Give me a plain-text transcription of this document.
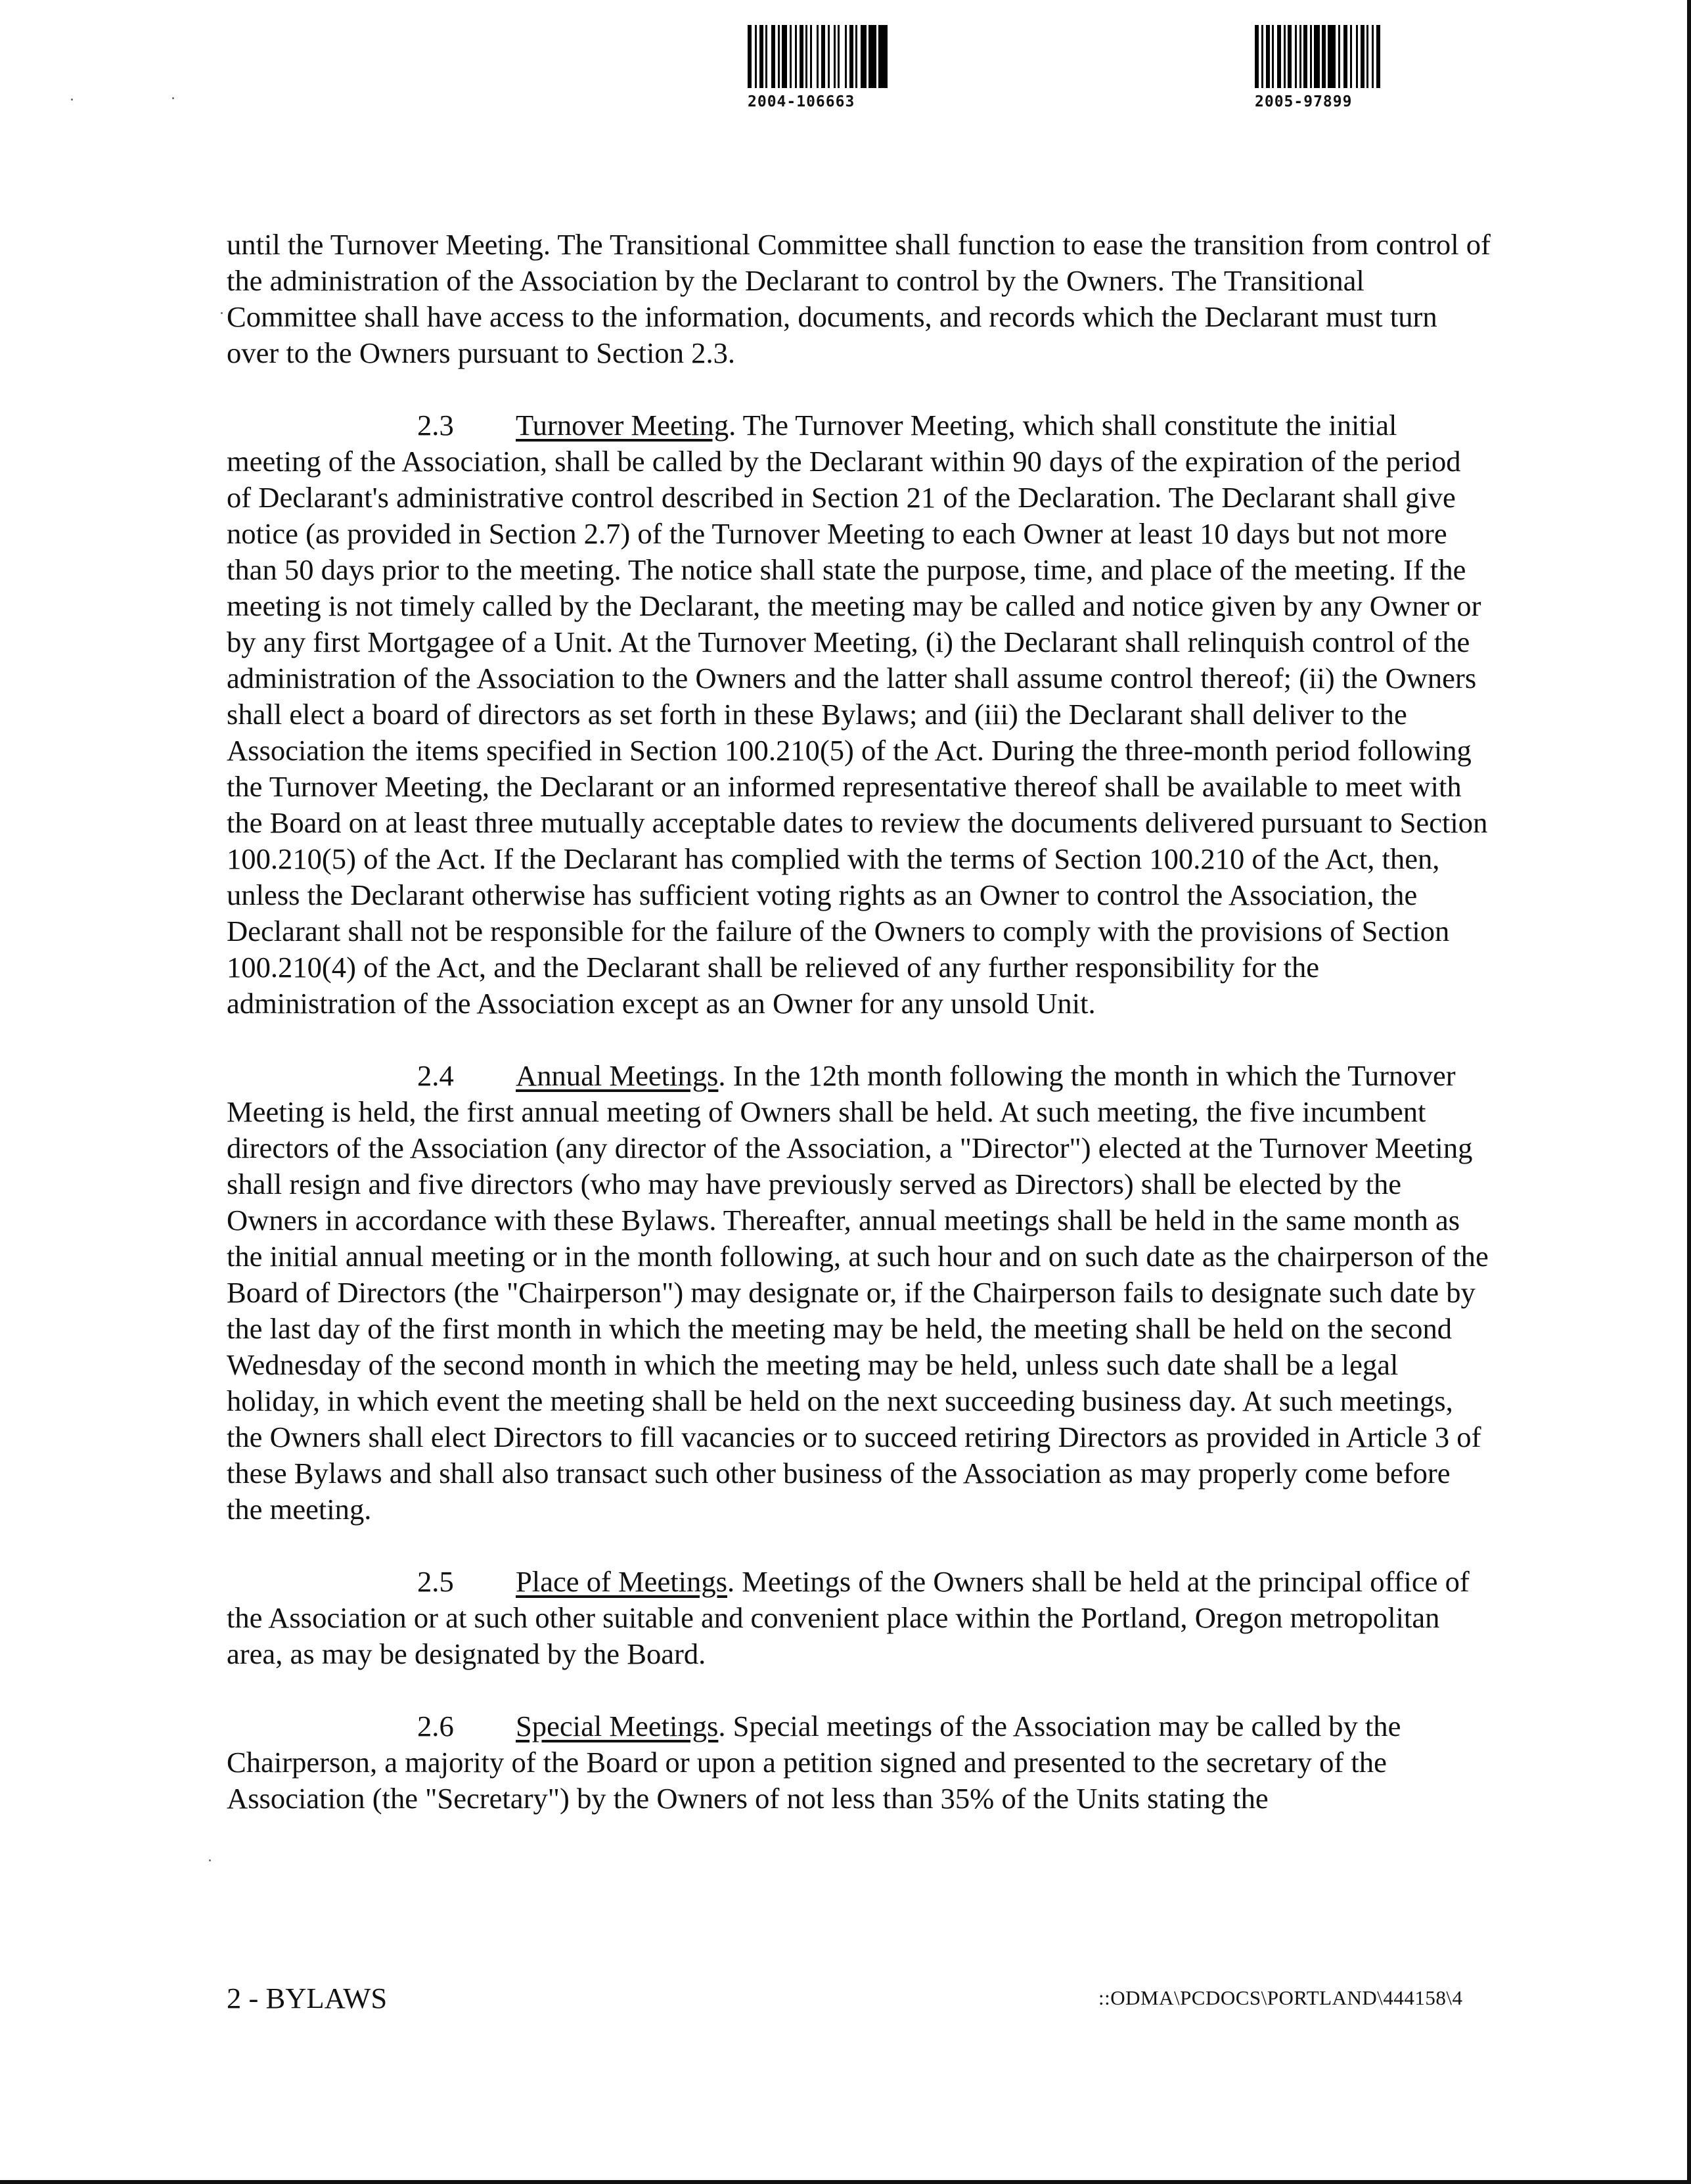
2004-106663	2005-97899

until the Turnover Meeting. The Transitional Committee shall function to ease the transition from control of the administration of the Association by the Declarant to control by the Owners. The Transitional Committee shall have access to the information, documents, and records which the Declarant must turn over to the Owners pursuant to Section 2.3.

2.3 Turnover Meeting. The Turnover Meeting, which shall constitute the initial meeting of the Association, shall be called by the Declarant within 90 days of the expiration of the period of Declarant's administrative control described in Section 21 of the Declaration. The Declarant shall give notice (as provided in Section 2.7) of the Turnover Meeting to each Owner at least 10 days but not more than 50 days prior to the meeting. The notice shall state the purpose, time, and place of the meeting. If the meeting is not timely called by the Declarant, the meeting may be called and notice given by any Owner or by any first Mortgagee of a Unit. At the Turnover Meeting, (i) the Declarant shall relinquish control of the administration of the Association to the Owners and the latter shall assume control thereof; (ii) the Owners shall elect a board of directors as set forth in these Bylaws; and (iii) the Declarant shall deliver to the Association the items specified in Section 100.210(5) of the Act. During the three-month period following the Turnover Meeting, the Declarant or an informed representative thereof shall be available to meet with the Board on at least three mutually acceptable dates to review the documents delivered pursuant to Section 100.210(5) of the Act. If the Declarant has complied with the terms of Section 100.210 of the Act, then, unless the Declarant otherwise has sufficient voting rights as an Owner to control the Association, the Declarant shall not be responsible for the failure of the Owners to comply with the provisions of Section 100.210(4) of the Act, and the Declarant shall be relieved of any further responsibility for the administration of the Association except as an Owner for any unsold Unit.

2.4 Annual Meetings. In the 12th month following the month in which the Turnover Meeting is held, the first annual meeting of Owners shall be held. At such meeting, the five incumbent directors of the Association (any director of the Association, a "Director") elected at the Turnover Meeting shall resign and five directors (who may have previously served as Directors) shall be elected by the Owners in accordance with these Bylaws. Thereafter, annual meetings shall be held in the same month as the initial annual meeting or in the month following, at such hour and on such date as the chairperson of the Board of Directors (the "Chairperson") may designate or, if the Chairperson fails to designate such date by the last day of the first month in which the meeting may be held, the meeting shall be held on the second Wednesday of the second month in which the meeting may be held, unless such date shall be a legal holiday, in which event the meeting shall be held on the next succeeding business day. At such meetings, the Owners shall elect Directors to fill vacancies or to succeed retiring Directors as provided in Article 3 of these Bylaws and shall also transact such other business of the Association as may properly come before the meeting.

2.5 Place of Meetings. Meetings of the Owners shall be held at the principal office of the Association or at such other suitable and convenient place within the Portland, Oregon metropolitan area, as may be designated by the Board.

2.6 Special Meetings. Special meetings of the Association may be called by the Chairperson, a majority of the Board or upon a petition signed and presented to the secretary of the Association (the "Secretary") by the Owners of not less than 35% of the Units stating the

2 - BYLAWS	::ODMA\PCDOCS\PORTLAND\444158\4
